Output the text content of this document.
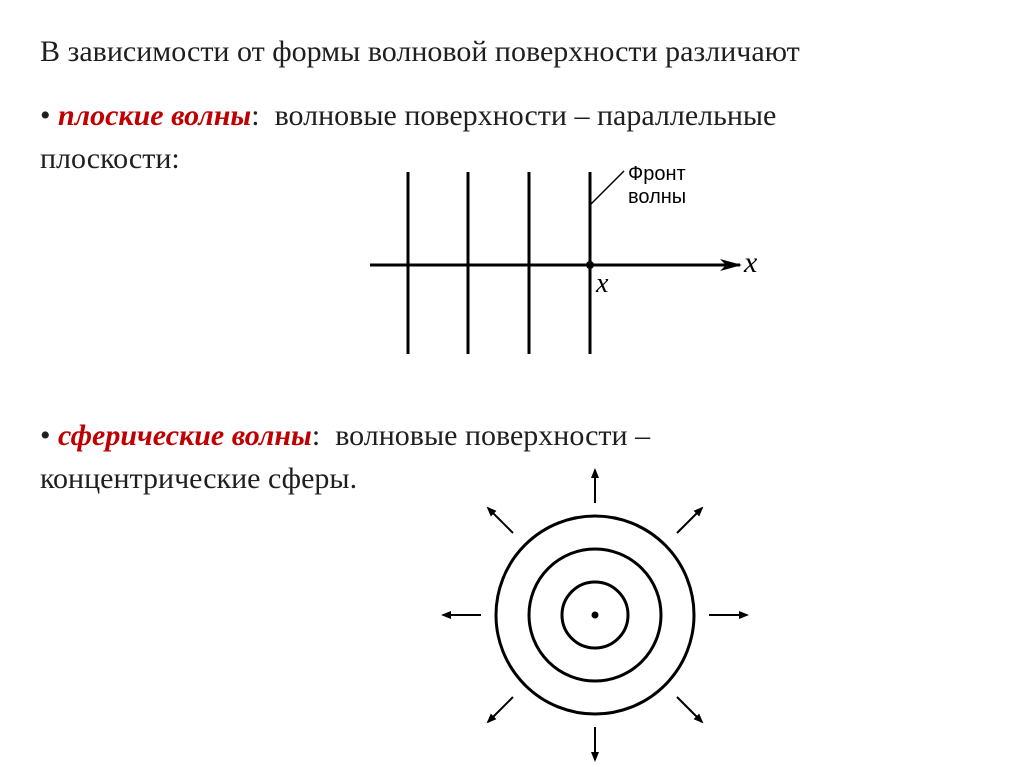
В зависимости от формы волновой поверхности различают
• плоские волны: волновые поверхности – параллельные
плоскости:
• сферические волны: волновые поверхности –
концентрические сферы.
Фронт
волны
x
x
